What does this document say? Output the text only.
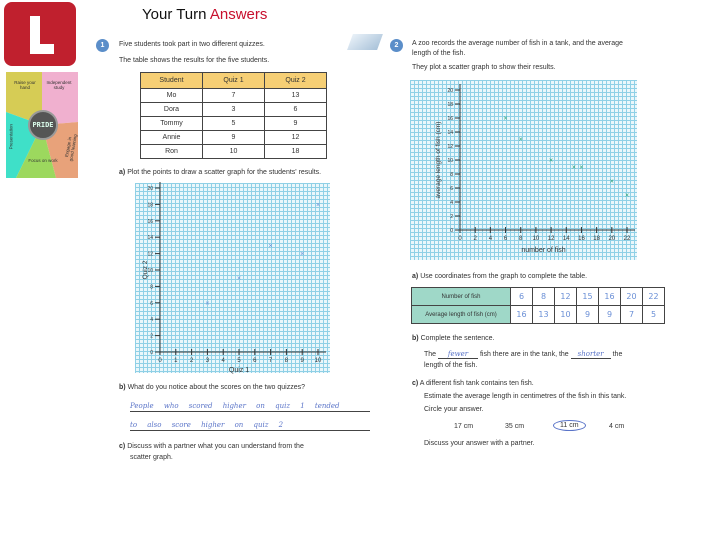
Your Turn Answers
Raise your hand
Independent study
Presentation
Focus on work
Engage in good learning
PRIDE
1	Five students took part in two different quizzes.
The table shows the results for the five students.
Student	Quiz 1	Quiz 2
Mo	7	13
Dora	3	6
Tommy	5	9
Annie	9	12
Ron	10	18
a) Plot the points to draw a scatter graph for the students' results.
0 1 2 3 4 5 6 7 8 9 10
0
2
4
6
8
10
12
14
16
18
20
Quiz 1
Quiz 2
×
×
×
×
×
b) What do you notice about the scores on the two quizzes?
People who scored higher on quiz 1 tended
to also score higher on quiz 2
c) Discuss with a partner what you can understand from the
scatter graph.
2	A zoo records the average number of fish in a tank, and the average
length of the fish.
They plot a scatter graph to show their results.
0 2 4 6 8 10 12 14 16 18 20 22
0
2
4
6
8
10
12
14
16
18
20
number of fish
average length of fish (cm)
×
×
×
× ×
×
×
a) Use coordinates from the graph to complete the table.
Number of fish	6	8	12	15	16	20	22
Average length of fish (cm)	16	13	10	9	9	7	5
b) Complete the sentence.
The fewer fish there are in the tank, the shorter the
length of the fish.
c) A different fish tank contains ten fish.
Estimate the average length in centimetres of the fish in this tank.
Circle your answer.
17 cm	35 cm	11 cm	4 cm
Discuss your answer with a partner.
